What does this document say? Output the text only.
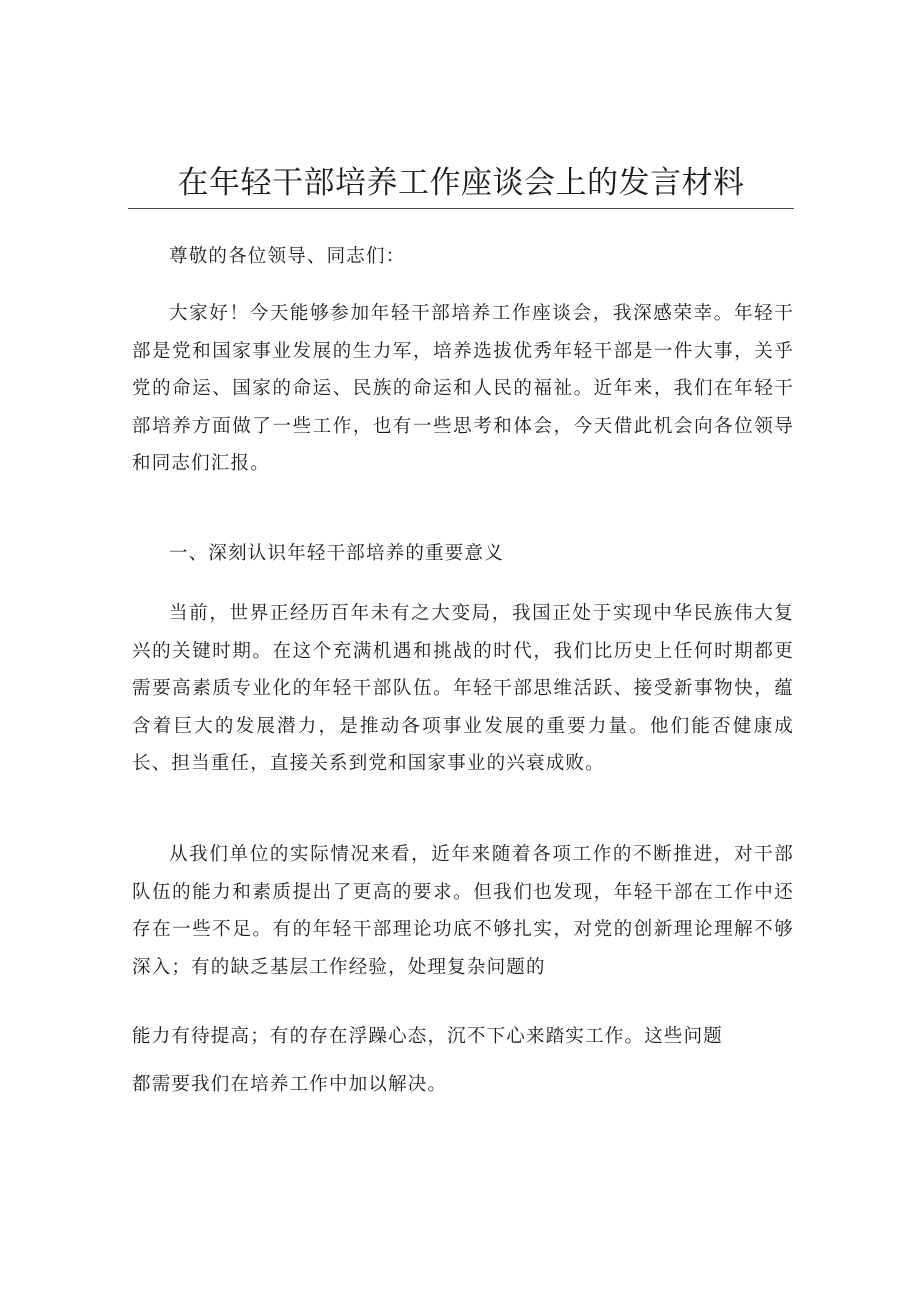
在年轻干部培养工作座谈会上的发言材料

尊敬的各位领导、同志们：

大家好！今天能够参加年轻干部培养工作座谈会，我深感荣幸。年轻干部是党和国家事业发展的生力军，培养选拔优秀年轻干部是一件大事，关乎党的命运、国家的命运、民族的命运和人民的福祉。近年来，我们在年轻干部培养方面做了一些工作，也有一些思考和体会，今天借此机会向各位领导和同志们汇报。

一、深刻认识年轻干部培养的重要意义

当前，世界正经历百年未有之大变局，我国正处于实现中华民族伟大复兴的关键时期。在这个充满机遇和挑战的时代，我们比历史上任何时期都更需要高素质专业化的年轻干部队伍。年轻干部思维活跃、接受新事物快，蕴含着巨大的发展潜力，是推动各项事业发展的重要力量。他们能否健康成长、担当重任，直接关系到党和国家事业的兴衰成败。

从我们单位的实际情况来看，近年来随着各项工作的不断推进，对干部队伍的能力和素质提出了更高的要求。但我们也发现，年轻干部在工作中还存在一些不足。有的年轻干部理论功底不够扎实，对党的创新理论理解不够深入；有的缺乏基层工作经验，处理复杂问题的

能力有待提高；有的存在浮躁心态，沉不下心来踏实工作。这些问题

都需要我们在培养工作中加以解决。
